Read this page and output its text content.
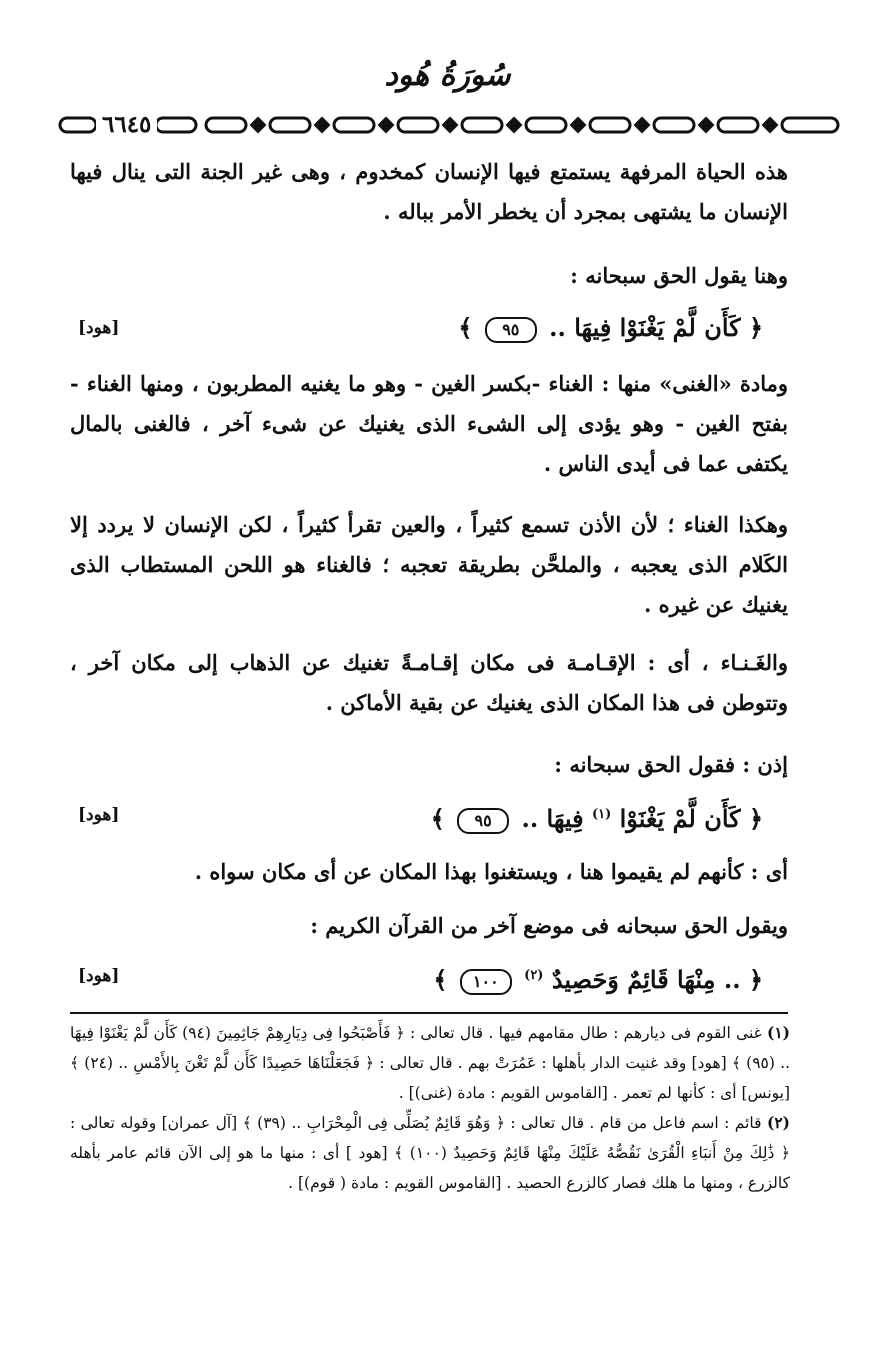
سُورَةُ هُود
٦٦٤٥

هذه الحياة المرفهة يستمتع فيها الإنسان كمخدوم ، وهى غير الجنة التى ينال فيها الإنسان ما يشتهى بمجرد أن يخطر الأمر بباله .

وهنا يقول الحق سبحانه :

﴿ كَأَن لَّمْ يَغْنَوْا فِيهَا .. ٩٥ ﴾
[هود]

ومادة «الغنى» منها : الغناء -بكسر الغين - وهو ما يغنيه المطربون ، ومنها الغناء - بفتح الغين - وهو يؤدى إلى الشىء الذى يغنيك عن شىء آخر ، فالغنى بالمال يكتفى عما فى أيدى الناس .

وهكذا الغناء ؛ لأن الأذن تسمع كثيراً ، والعين تقرأ كثيراً ، لكن الإنسان لا يردد إلا الكَلام الذى يعجبه ، والملحَّن بطريقة تعجبه ؛ فالغناء هو اللحن المستطاب الذى يغنيك عن غيره .

والغَـنـاء ، أى : الإقـامـة فى مكان إقـامـةً تغنيك عن الذهاب إلى مكان آخر ، وتتوطن فى هذا المكان الذى يغنيك عن بقية الأماكن .

إذن : فقول الحق سبحانه :

﴿ كَأَن لَّمْ يَغْنَوْا $^{(١)}$ فِيهَا .. ٩٥ ﴾
[هود]

أى : كأنهم لم يقيموا هنا ، ويستغنوا بهذا المكان عن أى مكان سواه .

ويقول الحق سبحانه فى موضع آخر من القرآن الكريم :

﴿ .. مِنْهَا قَائِمٌ وَحَصِيدٌ $^{(٢)}$ ١٠٠ ﴾
[هود]

(١) غنى القوم فى ديارهم : طال مقامهم فيها . قال تعالى : ﴿ فَأَصْبَحُوا فِى دِيَارِهِمْ جَاثِمِينَ (٩٤) كَأَن لَّمْ يَغْنَوْا فِيهَا .. (٩٥) ﴾ [هود] وقد غنيت الدار بأهلها : عَمُرَتْ بهم . قال تعالى : ﴿ فَجَعَلْنَاهَا حَصِيدًا كَأَن لَّمْ تَغْنَ بِالأَمْسِ .. (٢٤) ﴾ [يونس] أى : كأنها لم تعمر . [القاموس القويم : مادة (غنى)] .

(٢) قائم : اسم فاعل من قام . قال تعالى : ﴿ وَهُوَ قَائِمٌ يُصَلِّى فِى الْمِحْرَابِ .. (٣٩) ﴾ [آل عمران] وقوله تعالى : ﴿ ذَٰلِكَ مِنْ أَنبَاءِ الْقُرَىٰ نَقُصُّهُ عَلَيْكَ مِنْهَا قَائِمٌ وَحَصِيدٌ (١٠٠) ﴾ [هود ] أى : منها ما هو إلى الآن قائم عامر بأهله كالزرع ، ومنها ما هلك فصار كالزرع الحصيد . [القاموس القويم : مادة ( قوم)] .
